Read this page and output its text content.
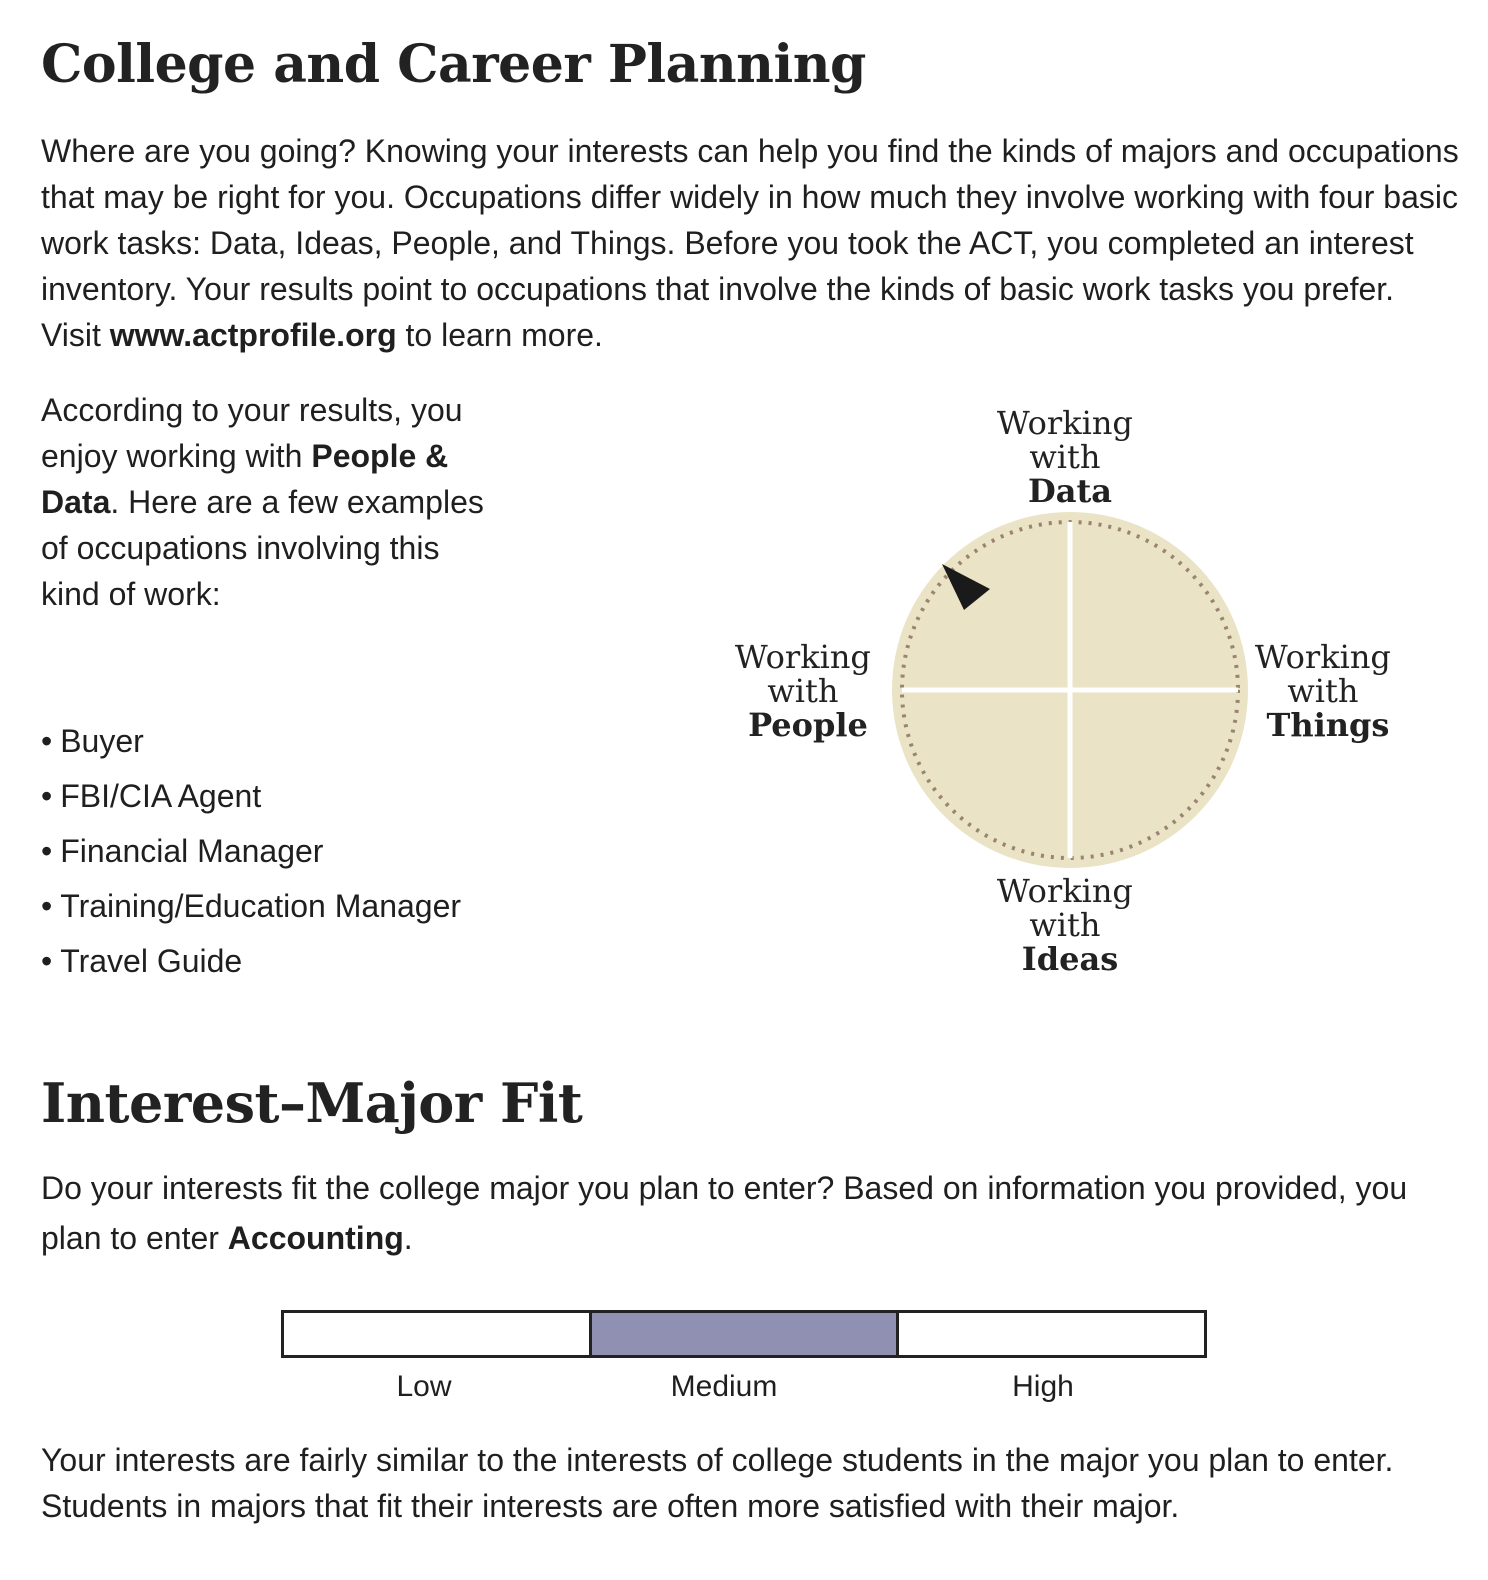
College and Career Planning
Where are you going? Knowing your interests can help you find the kinds of majors and occupations that may be right for you. Occupations differ widely in how much they involve working with four basic work tasks: Data, Ideas, People, and Things. Before you took the ACT, you completed an interest inventory. Your results point to occupations that involve the kinds of basic work tasks you prefer. Visit www.actprofile.org to learn more.
According to your results, you enjoy working with People & Data. Here are a few examples of occupations involving this kind of work:
• Buyer
• FBI/CIA Agent
• Financial Manager
• Training/Education Manager
• Travel Guide
Working with Data
Working with People
Working with Things
Working with Ideas
Interest–Major Fit
Do your interests fit the college major you plan to enter? Based on information you provided, you plan to enter Accounting.
Low	Medium	High
Your interests are fairly similar to the interests of college students in the major you plan to enter. Students in majors that fit their interests are often more satisfied with their major.
